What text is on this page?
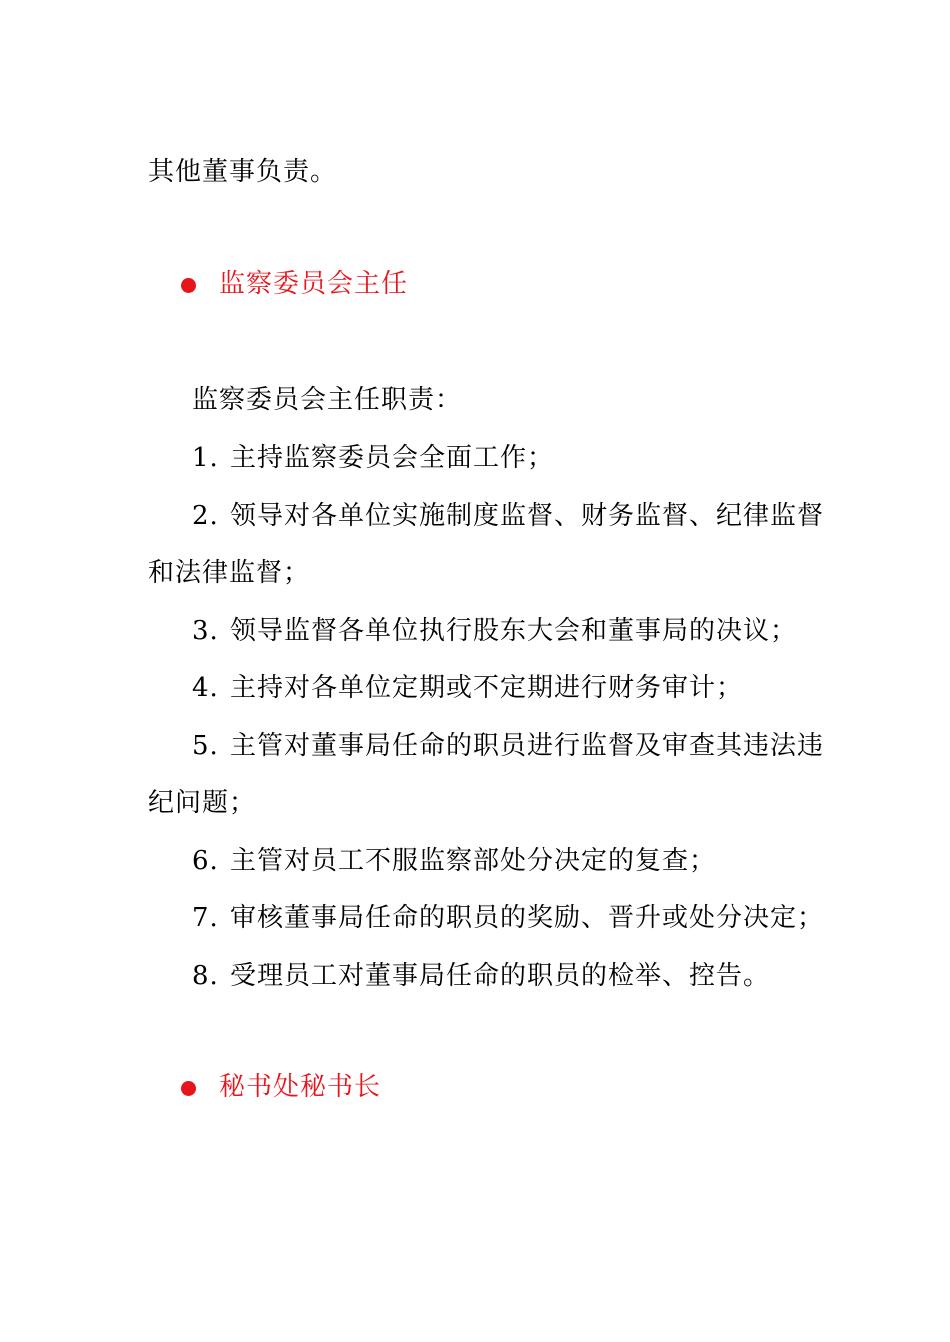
其他董事负责。
监察委员会主任
监察委员会主任职责：
1. 主持监察委员会全面工作；
2. 领导对各单位实施制度监督、财务监督、纪律监督
和法律监督；
3. 领导监督各单位执行股东大会和董事局的决议；
4. 主持对各单位定期或不定期进行财务审计；
5. 主管对董事局任命的职员进行监督及审查其违法违
纪问题；
6. 主管对员工不服监察部处分决定的复查；
7. 审核董事局任命的职员的奖励、晋升或处分决定；
8. 受理员工对董事局任命的职员的检举、控告。
秘书处秘书长
